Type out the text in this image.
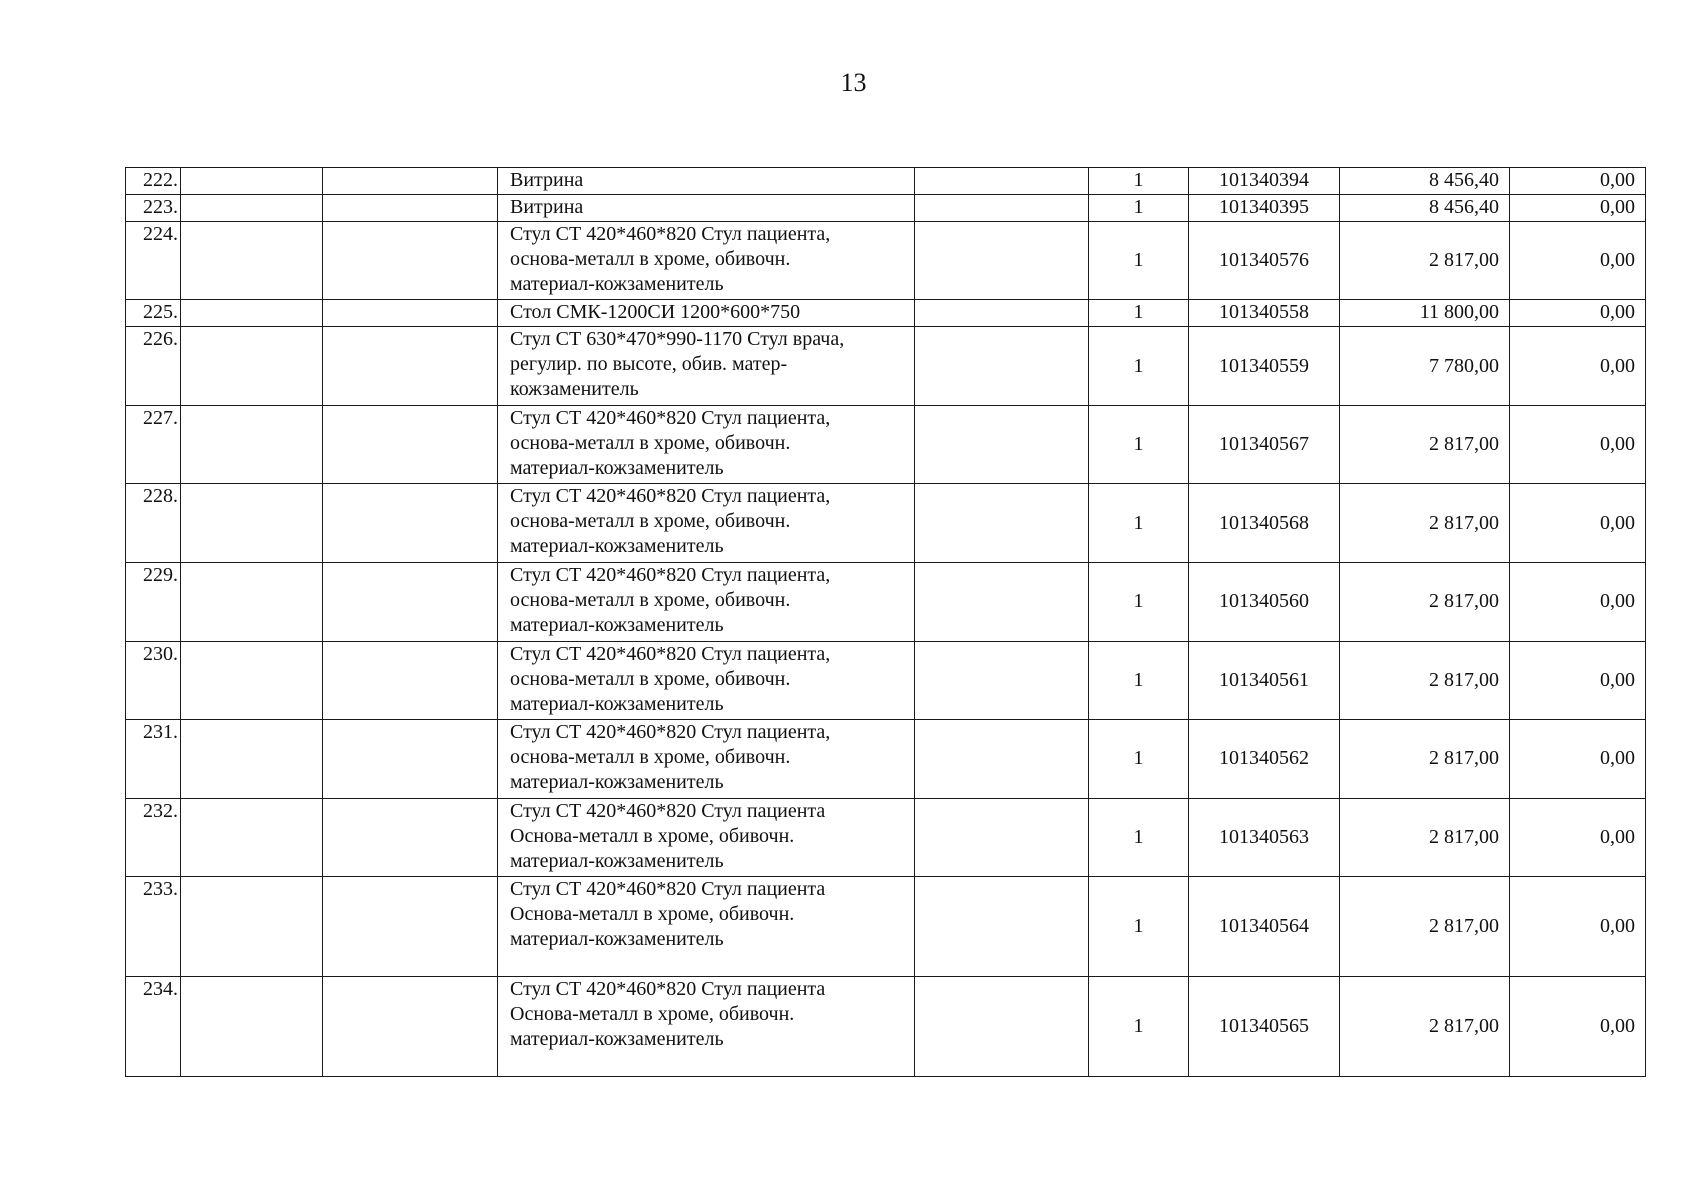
13
222.			Витрина		1	101340394	8 456,40	0,00
223.			Витрина		1	101340395	8 456,40	0,00
224.			Стул СТ 420*460*820 Стул пациента,
основа-металл в хроме, обивочн.
материал-кожзаменитель		1	101340576	2 817,00	0,00
225.			Стол СМК-1200СИ 1200*600*750		1	101340558	11 800,00	0,00
226.			Стул СТ 630*470*990-1170 Стул врача,
регулир. по высоте, обив. матер-
кожзаменитель		1	101340559	7 780,00	0,00
227.			Стул СТ 420*460*820 Стул пациента,
основа-металл в хроме, обивочн.
материал-кожзаменитель		1	101340567	2 817,00	0,00
228.			Стул СТ 420*460*820 Стул пациента,
основа-металл в хроме, обивочн.
материал-кожзаменитель		1	101340568	2 817,00	0,00
229.			Стул СТ 420*460*820 Стул пациента,
основа-металл в хроме, обивочн.
материал-кожзаменитель		1	101340560	2 817,00	0,00
230.			Стул СТ 420*460*820 Стул пациента,
основа-металл в хроме, обивочн.
материал-кожзаменитель		1	101340561	2 817,00	0,00
231.			Стул СТ 420*460*820 Стул пациента,
основа-металл в хроме, обивочн.
материал-кожзаменитель		1	101340562	2 817,00	0,00
232.			Стул СТ 420*460*820 Стул пациента
Основа-металл в хроме, обивочн.
материал-кожзаменитель		1	101340563	2 817,00	0,00
233.			Стул СТ 420*460*820 Стул пациента
Основа-металл в хроме, обивочн.
материал-кожзаменитель		1	101340564	2 817,00	0,00
234.			Стул СТ 420*460*820 Стул пациента
Основа-металл в хроме, обивочн.
материал-кожзаменитель		1	101340565	2 817,00	0,00
